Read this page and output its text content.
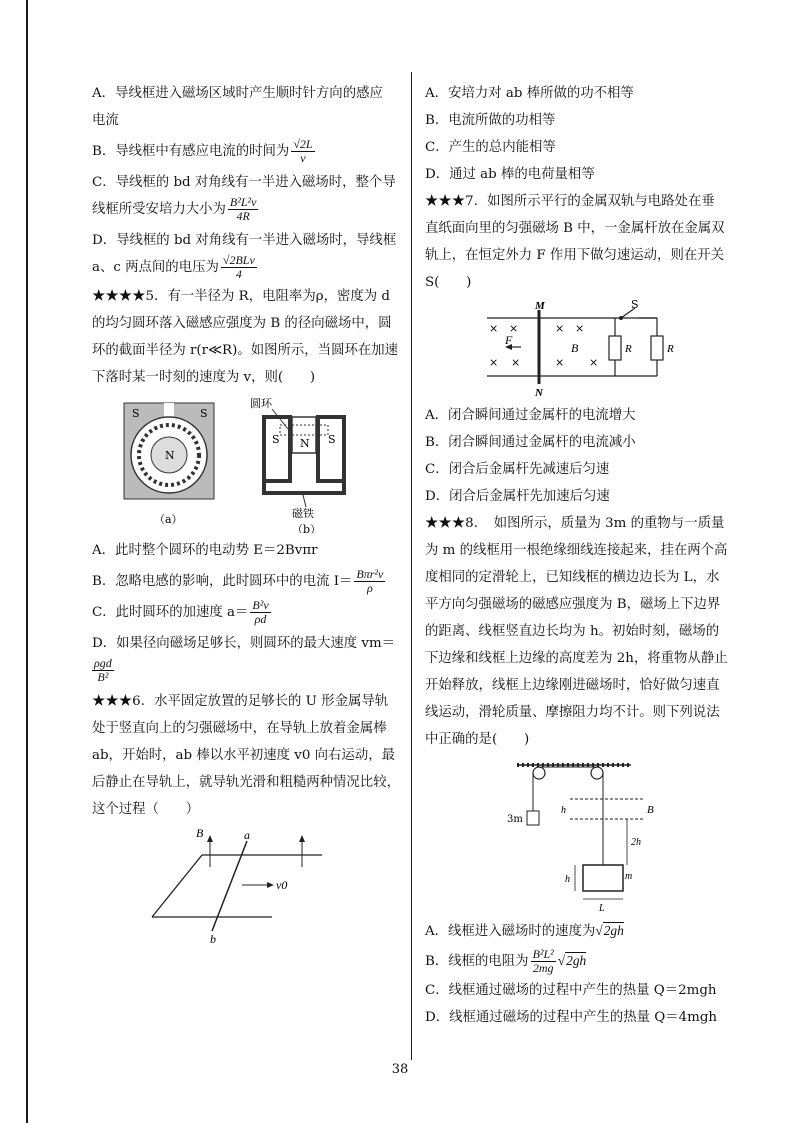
A．导线框进入磁场区域时产生顺时针方向的感应
电流
B．导线框中有感应电流的时间为 $\frac{√2L}{v}$
C．导线框的 bd 对角线有一半进入磁场时，整个导
线框所受安培力大小为 $\frac{\text{B²L²v}}{4R}$
D．导线框的 bd 对角线有一半进入磁场时，导线框
a、c 两点间的电压为 $\frac{\text{√2BLv}}{4}$
★★★★5．有一半径为 R，电阻率为ρ，密度为 d
的均匀圆环落入磁感应强度为 B 的径向磁场中，圆
环的截面半径为 r(r≪R)。如图所示，当圆环在加速
下落时某一时刻的速度为 v，则(　　)
S	S
N
（a）
圆环
S N S
磁铁
（b）
A．此时整个圆环的电动势 E＝2Bvπr
B．忽略电感的影响，此时圆环中的电流 $I= \frac{\text{Bπr²v}}{\rho}$
C．此时圆环的加速度 $a= \frac{\text{B²v}}{\rho d}$
D．如果径向磁场足够长，则圆环的最大速度 vm＝
$\frac{\text{ρgd}}{\text{B²}}$
★★★6．水平固定放置的足够长的 U 形金属导轨
处于竖直向上的匀强磁场中，在导轨上放着金属棒
ab，开始时，ab 棒以水平初速度 v0 向右运动，最
后静止在导轨上，就导轨光滑和粗糙两种情况比较，
这个过程（　　）
B	a
b
v0
A．安培力对 ab 棒所做的功不相等
B．电流所做的功相等
C．产生的总内能相等
D．通过 ab 棒的电荷量相等
★★★7．如图所示平行的金属双轨与电路处在垂
直纸面向里的匀强磁场 B 中，一金属杆放在金属双
轨上，在恒定外力 F 作用下做匀速运动，则在开关
S(　　)
× ×
× ×
× ×
× ×
M
N
F
B
S
R	R
A．闭合瞬间通过金属杆的电流增大
B．闭合瞬间通过金属杆的电流减小
C．闭合后金属杆先减速后匀速
D．闭合后金属杆先加速后匀速
★★★8．　如图所示，质量为 3m 的重物与一质量
为 m 的线框用一根绝缘细线连接起来，挂在两个高
度相同的定滑轮上，已知线框的横边边长为 L，水
平方向匀强磁场的磁感应强度为 B，磁场上下边界
的距离、线框竖直边长均为 h。初始时刻，磁场的
下边缘和线框上边缘的高度差为 2h，将重物从静止
开始释放，线框上边缘刚进磁场时，恰好做匀速直
线运动，滑轮质量、摩擦阻力均不计。则下列说法
中正确的是(　　)
3m
h	B
2h
m
h
L
A．线框进入磁场时的速度为√2gh
B．线框的电阻为 $\frac{\text{B²L²}}{2mg} √2gh$
C．线框通过磁场的过程中产生的热量 Q＝2mgh
D．线框通过磁场的过程中产生的热量 Q＝4mgh
38
